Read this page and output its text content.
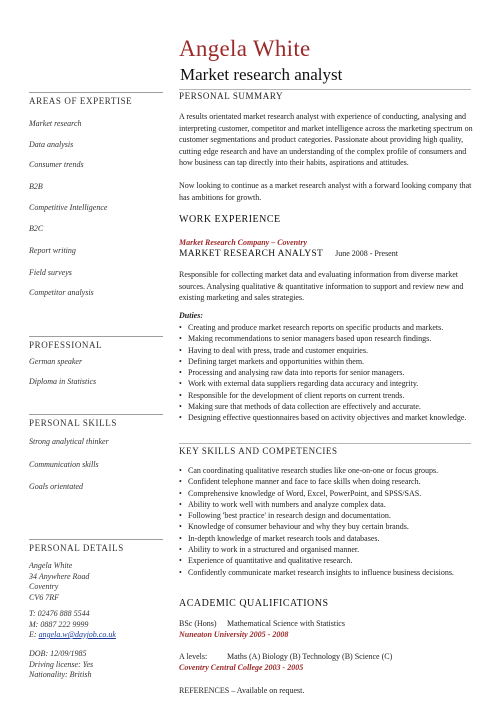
Angela White
Market research analyst
AREAS OF EXPERTISE
Market research
Data analysis
Consumer trends
B2B
Competitive Intelligence
B2C
Report writing
Field surveys
Competitor analysis
PROFESSIONAL
German speaker
Diploma in Statistics
PERSONAL SKILLS
Strong analytical thinker
Communication skills
Goals orientated
PERSONAL DETAILS
Angela White
34 Anywhere Road
Coventry
CV6 7RF
T: 02476 888 5544
M: 0887 222 9999
E: angela.w@dayjob.co.uk
DOB: 12/09/1985
Driving license: Yes
Nationality: British
PERSONAL SUMMARY

A results orientated market research analyst with experience of conducting, analysing and interpreting customer, competitor and market intelligence across the marketing spectrum on customer segmentations and product categories. Passionate about providing high quality, cutting edge research and have an understanding of the complex profile of consumers and how business can tap directly into their habits, aspirations and attitudes.

Now looking to continue as a market research analyst with a forward looking company that has ambitions for growth.

WORK EXPERIENCE
Market Research Company – Coventry
MARKET RESEARCH ANALYST June 2008 - Present

Responsible for collecting market data and evaluating information from diverse market sources. Analysing qualitative & quantitative information to support and review new and existing marketing and sales strategies.

Duties:
• Creating and produce market research reports on specific products and markets.
• Making recommendations to senior managers based upon research findings.
• Having to deal with press, trade and customer enquiries.
• Defining target markets and opportunities within them.
• Processing and analysing raw data into reports for senior managers.
• Work with external data suppliers regarding data accuracy and integrity.
• Responsible for the development of client reports on current trends.
• Making sure that methods of data collection are effectively and accurate.
• Designing effective questionnaires based on activity objectives and market knowledge.
KEY SKILLS AND COMPETENCIES
• Can coordinating qualitative research studies like one-on-one or focus groups.
• Confident telephone manner and face to face skills when doing research.
• Comprehensive knowledge of Word, Excel, PowerPoint, and SPSS/SAS.
• Ability to work well with numbers and analyze complex data.
• Following 'best practice' in research design and documentation.
• Knowledge of consumer behaviour and why they buy certain brands.
• In-depth knowledge of market research tools and databases.
• Ability to work in a structured and organised manner.
• Experience of quantitative and qualitative research.
• Confidently communicate market research insights to influence business decisions.
ACADEMIC QUALIFICATIONS
BSc (Hons) Mathematical Science with Statistics
Nuneaton University 2005 - 2008
A levels: Maths (A) Biology (B) Technology (B) Science (C)
Coventry Central College 2003 - 2005
REFERENCES – Available on request.
